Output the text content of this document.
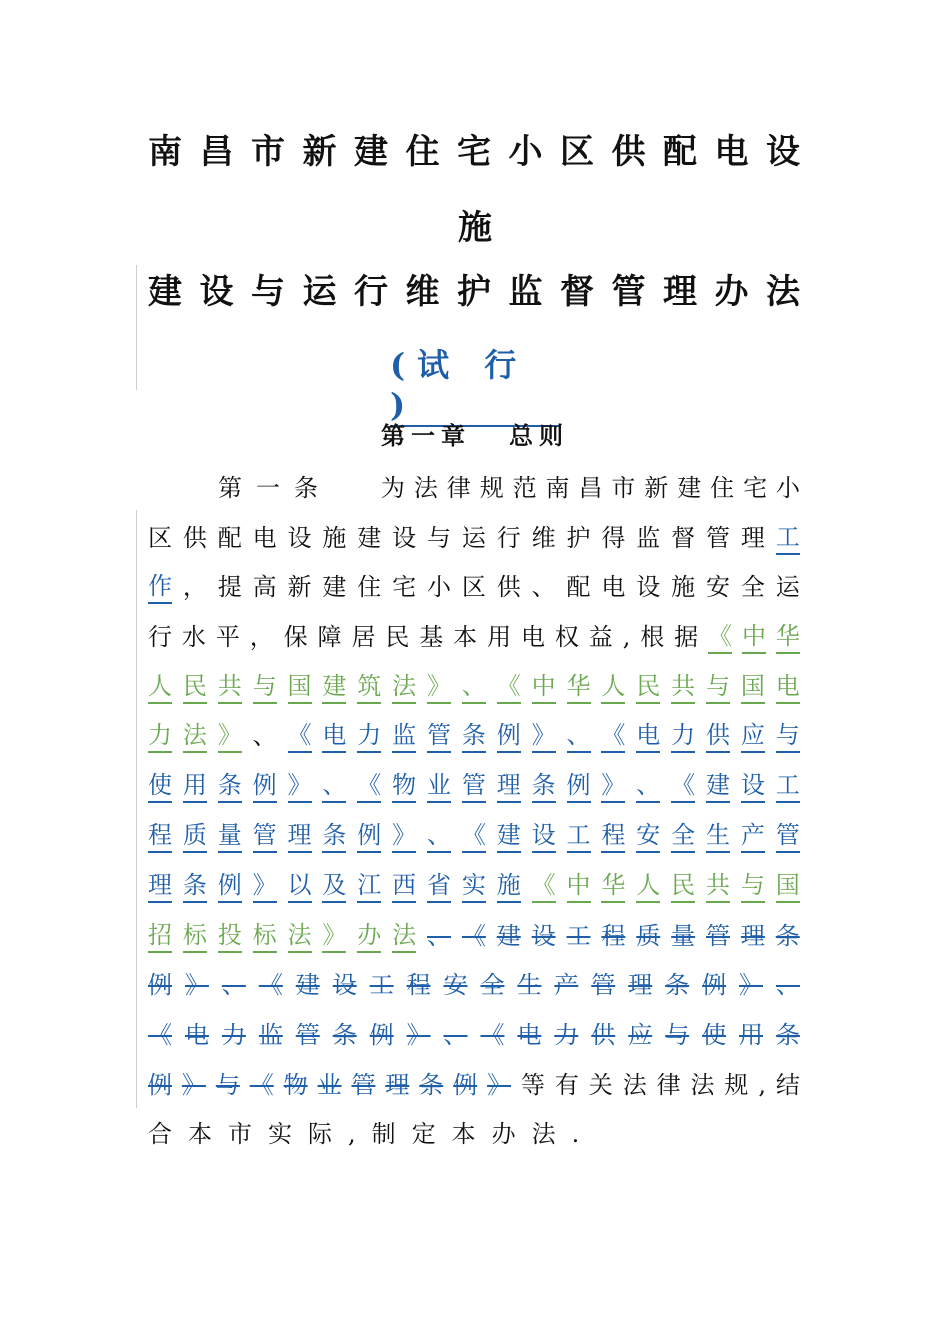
南 昌 市 新 建 住 宅 小 区 供 配 电 设
施
建 设 与 运 行 维 护 监 督 管 理 办 法
(试 行 )
第一章 总则
第一条 为 法 律 规 范 南 昌 市 新 建 住 宅 小
区 供 配 电 设 施 建 设 与 运 行 维 护 得 监 督 管 理 工
作 ， 提 高 新 建 住 宅 小 区 供 、 配 电 设 施 安 全 运
行 水 平 ， 保 障 居 民 基 本 用 电 权 益 , 根 据 《 中 华
人 民 共 与 国 建 筑 法 》 、 《 中 华 人 民 共 与 国 电
力 法 》 、 《 电 力 监 管 条 例 》 、 《 电 力 供 应 与
使 用 条 例 》 、 《 物 业 管 理 条 例 》 、 《 建 设 工
程 质 量 管 理 条 例 》 、 《 建 设 工 程 安 全 生 产 管
理 条 例 》 以 及 江 西 省 实 施 《 中 华 人 民 共 与 国
招 标 投 标 法 》 办 法 、 《 建 设 工 程 质 量 管 理 条
例 》 、 《 建 设 工 程 安 全 生 产 管 理 条 例 》 、
《 电 力 监 管 条 例 》 、 《 电 力 供 应 与 使 用 条
例 》 与 《 物 业 管 理 条 例 》 等 有 关 法 律 法 规 , 结
合 本 市 实 际 , 制 定 本 办 法 .
